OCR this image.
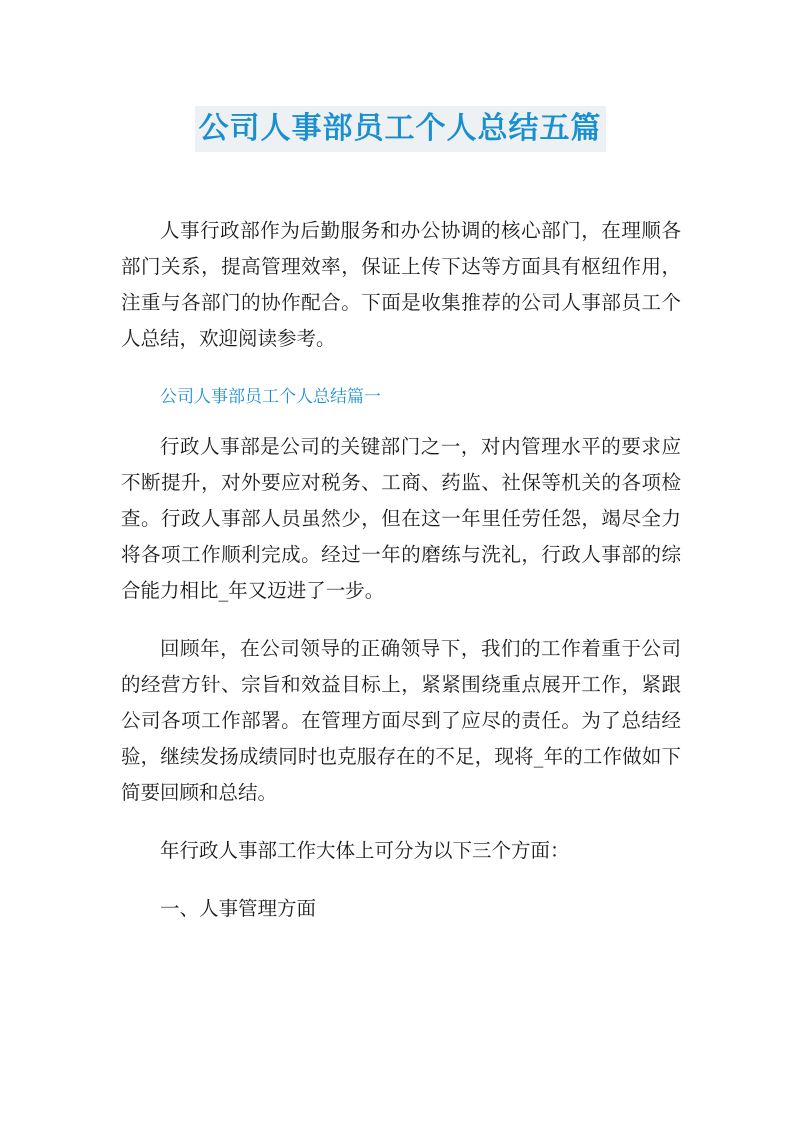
公司人事部员工个人总结五篇

人事行政部作为后勤服务和办公协调的核心部门，在理顺各部门关系，提高管理效率，保证上传下达等方面具有枢纽作用，注重与各部门的协作配合。下面是收集推荐的公司人事部员工个人总结，欢迎阅读参考。

公司人事部员工个人总结篇一

行政人事部是公司的关键部门之一，对内管理水平的要求应不断提升，对外要应对税务、工商、药监、社保等机关的各项检查。行政人事部人员虽然少，但在这一年里任劳任怨，竭尽全力将各项工作顺利完成。经过一年的磨练与洗礼，行政人事部的综合能力相比_年又迈进了一步。

回顾年，在公司领导的正确领导下，我们的工作着重于公司的经营方针、宗旨和效益目标上，紧紧围绕重点展开工作，紧跟公司各项工作部署。在管理方面尽到了应尽的责任。为了总结经验，继续发扬成绩同时也克服存在的不足，现将_年的工作做如下简要回顾和总结。

年行政人事部工作大体上可分为以下三个方面：

一、人事管理方面
